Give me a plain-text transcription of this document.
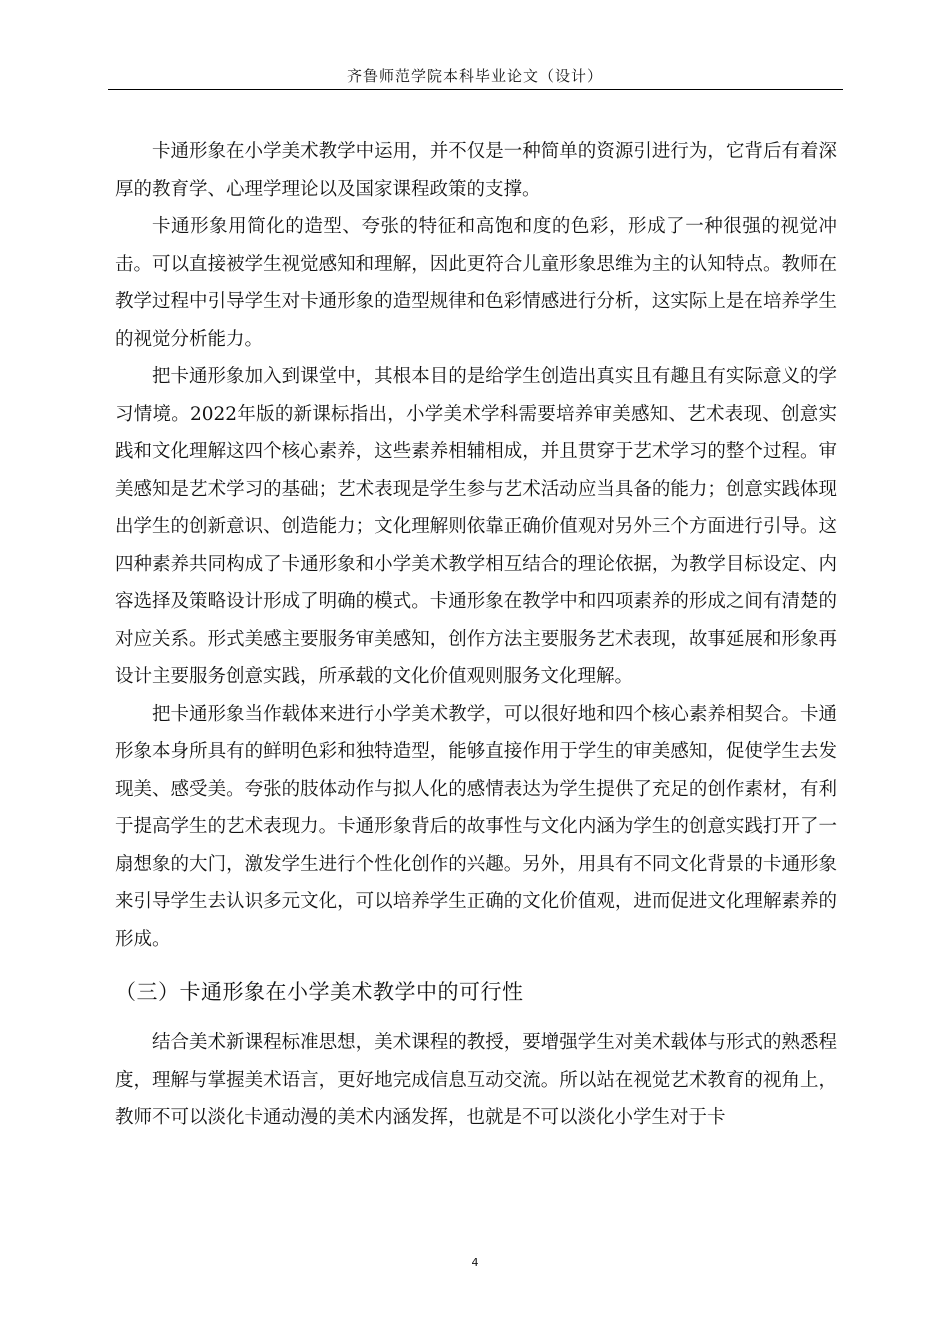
齐鲁师范学院本科毕业论文（设计）

卡通形象在小学美术教学中运用，并不仅是一种简单的资源引进行为，它背后有着深厚的教育学、心理学理论以及国家课程政策的支撑。

卡通形象用简化的造型、夸张的特征和高饱和度的色彩，形成了一种很强的视觉冲击。可以直接被学生视觉感知和理解，因此更符合儿童形象思维为主的认知特点。教师在教学过程中引导学生对卡通形象的造型规律和色彩情感进行分析，这实际上是在培养学生的视觉分析能力。

把卡通形象加入到课堂中，其根本目的是给学生创造出真实且有趣且有实际意义的学习情境。2022年版的新课标指出，小学美术学科需要培养审美感知、艺术表现、创意实践和文化理解这四个核心素养，这些素养相辅相成，并且贯穿于艺术学习的整个过程。审美感知是艺术学习的基础；艺术表现是学生参与艺术活动应当具备的能力；创意实践体现出学生的创新意识、创造能力；文化理解则依靠正确价值观对另外三个方面进行引导。这四种素养共同构成了卡通形象和小学美术教学相互结合的理论依据，为教学目标设定、内容选择及策略设计形成了明确的模式。卡通形象在教学中和四项素养的形成之间有清楚的对应关系。形式美感主要服务审美感知，创作方法主要服务艺术表现，故事延展和形象再设计主要服务创意实践，所承载的文化价值观则服务文化理解。

把卡通形象当作载体来进行小学美术教学，可以很好地和四个核心素养相契合。卡通形象本身所具有的鲜明色彩和独特造型，能够直接作用于学生的审美感知，促使学生去发现美、感受美。夸张的肢体动作与拟人化的感情表达为学生提供了充足的创作素材，有利于提高学生的艺术表现力。卡通形象背后的故事性与文化内涵为学生的创意实践打开了一扇想象的大门，激发学生进行个性化创作的兴趣。另外，用具有不同文化背景的卡通形象来引导学生去认识多元文化，可以培养学生正确的文化价值观，进而促进文化理解素养的形成。

（三）卡通形象在小学美术教学中的可行性

结合美术新课程标准思想，美术课程的教授，要增强学生对美术载体与形式的熟悉程度，理解与掌握美术语言，更好地完成信息互动交流。所以站在视觉艺术教育的视角上，教师不可以淡化卡通动漫的美术内涵发挥，也就是不可以淡化小学生对于卡

4
